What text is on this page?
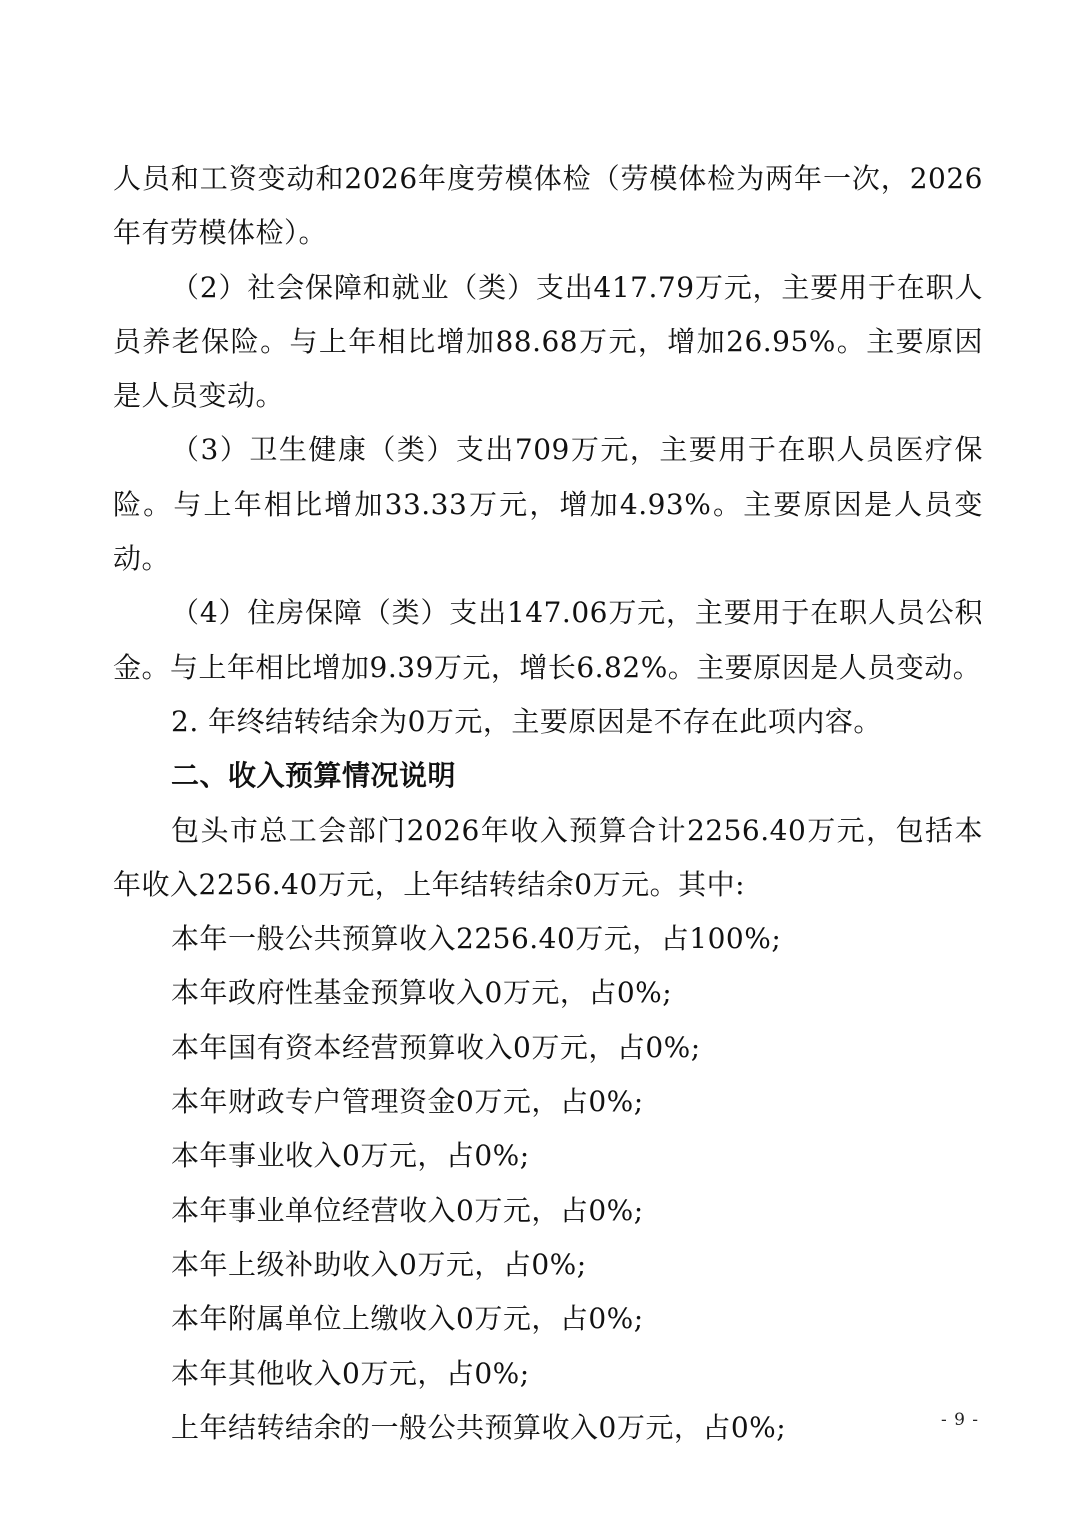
人员和工资变动和2026年度劳模体检（劳模体检为两年一次，2026年有劳模体检）。

（2）社会保障和就业（类）支出417.79万元，主要用于在职人员养老保险。与上年相比增加88.68万元，增加26.95%。主要原因是人员变动。

（3）卫生健康（类）支出709万元，主要用于在职人员医疗保险。与上年相比增加33.33万元，增加4.93%。主要原因是人员变动。

（4）住房保障（类）支出147.06万元，主要用于在职人员公积金。与上年相比增加9.39万元，增长6.82%。主要原因是人员变动。

2. 年终结转结余为0万元，主要原因是不存在此项内容。

二、收入预算情况说明

包头市总工会部门2026年收入预算合计2256.40万元，包括本年收入2256.40万元，上年结转结余0万元。其中:

本年一般公共预算收入2256.40万元，占100%;

本年政府性基金预算收入0万元，占0%;

本年国有资本经营预算收入0万元，占0%;

本年财政专户管理资金0万元，占0%;

本年事业收入0万元，占0%;

本年事业单位经营收入0万元，占0%;

本年上级补助收入0万元，占0%;

本年附属单位上缴收入0万元，占0%;

本年其他收入0万元，占0%;

上年结转结余的一般公共预算收入0万元，占0%;	- 9 -
